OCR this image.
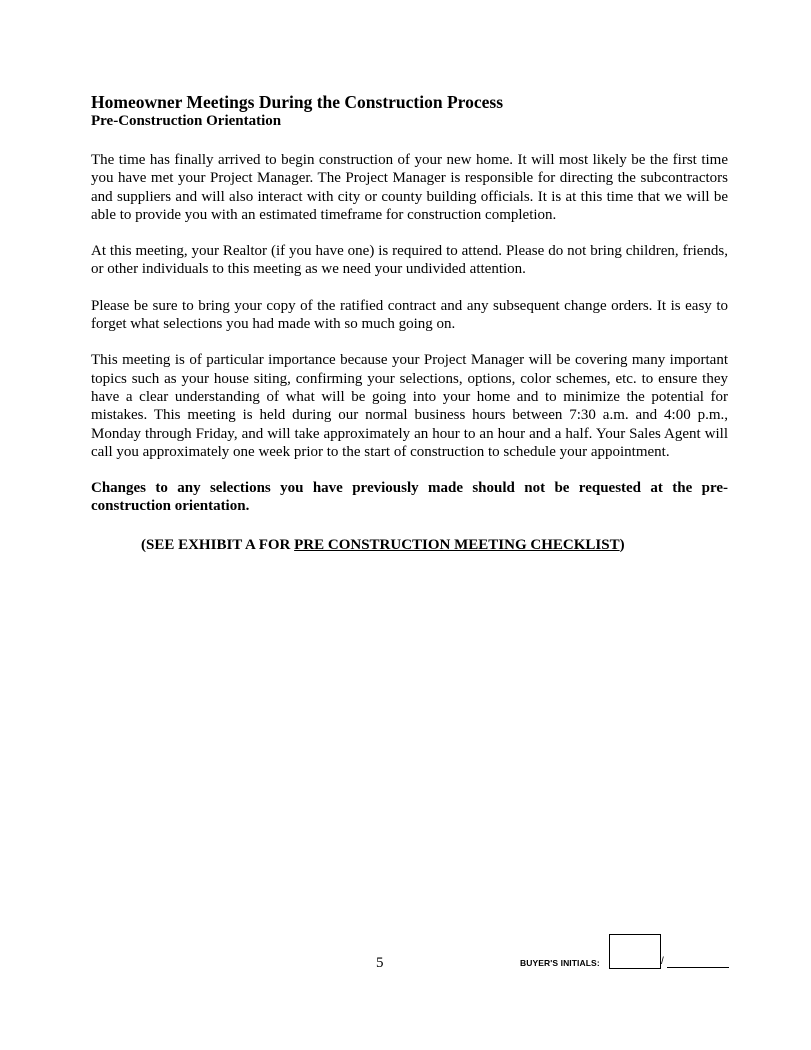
Homeowner Meetings During the Construction Process
Pre-Construction Orientation

The time has finally arrived to begin construction of your new home. It will most likely be the first time you have met your Project Manager. The Project Manager is responsible for directing the subcontractors and suppliers and will also interact with city or county building officials. It is at this time that we will be able to provide you with an estimated timeframe for construction completion.

At this meeting, your Realtor (if you have one) is required to attend. Please do not bring children, friends, or other individuals to this meeting as we need your undivided attention.

Please be sure to bring your copy of the ratified contract and any subsequent change orders. It is easy to forget what selections you had made with so much going on.

This meeting is of particular importance because your Project Manager will be covering many important topics such as your house siting, confirming your selections, options, color schemes, etc. to ensure they have a clear understanding of what will be going into your home and to minimize the potential for mistakes. This meeting is held during our normal business hours between 7:30 a.m. and 4:00 p.m., Monday through Friday, and will take approximately an hour to an hour and a half. Your Sales Agent will call you approximately one week prior to the start of construction to schedule your appointment.

Changes to any selections you have previously made should not be requested at the pre-construction orientation.

(SEE EXHIBIT A FOR PRE CONSTRUCTION MEETING CHECKLIST)

5	BUYER'S INITIALS:	/
